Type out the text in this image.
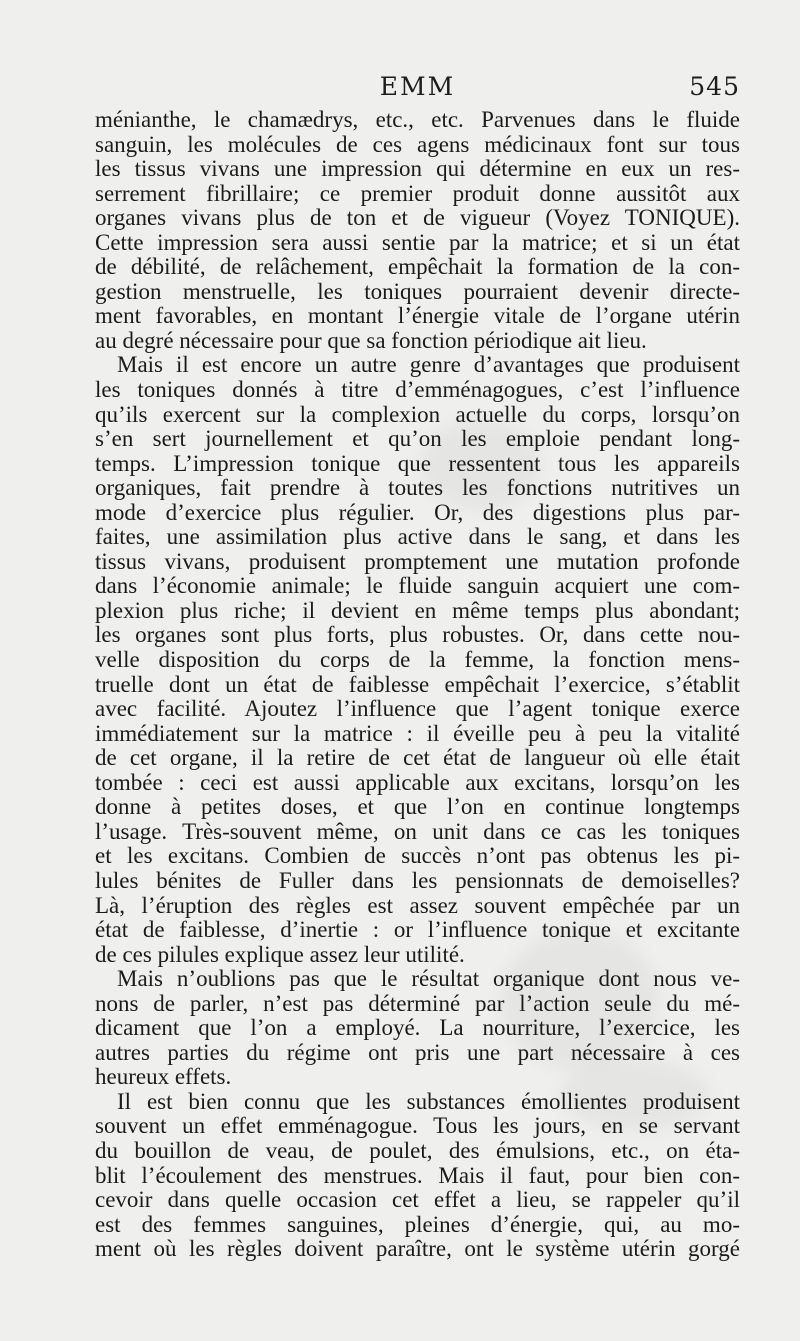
EMM	545
ménianthe, le chamædrys, etc., etc. Parvenues dans le fluide
sanguin, les molécules de ces agens médicinaux font sur tous
les tissus vivans une impression qui détermine en eux un res-
serrement fibrillaire; ce premier produit donne aussitôt aux
organes vivans plus de ton et de vigueur (Voyez TONIQUE).
Cette impression sera aussi sentie par la matrice; et si un état
de débilité, de relâchement, empêchait la formation de la con-
gestion menstruelle, les toniques pourraient devenir directe-
ment favorables, en montant l’énergie vitale de l’organe utérin
au degré nécessaire pour que sa fonction périodique ait lieu.
Mais il est encore un autre genre d’avantages que produisent
les toniques donnés à titre d’emménagogues, c’est l’influence
qu’ils exercent sur la complexion actuelle du corps, lorsqu’on
s’en sert journellement et qu’on les emploie pendant long-
temps. L’impression tonique que ressentent tous les appareils
organiques, fait prendre à toutes les fonctions nutritives un
mode d’exercice plus régulier. Or, des digestions plus par-
faites, une assimilation plus active dans le sang, et dans les
tissus vivans, produisent promptement une mutation profonde
dans l’économie animale; le fluide sanguin acquiert une com-
plexion plus riche; il devient en même temps plus abondant;
les organes sont plus forts, plus robustes. Or, dans cette nou-
velle disposition du corps de la femme, la fonction mens-
truelle dont un état de faiblesse empêchait l’exercice, s’établit
avec facilité. Ajoutez l’influence que l’agent tonique exerce
immédiatement sur la matrice : il éveille peu à peu la vitalité
de cet organe, il la retire de cet état de langueur où elle était
tombée : ceci est aussi applicable aux excitans, lorsqu’on les
donne à petites doses, et que l’on en continue longtemps
l’usage. Très-souvent même, on unit dans ce cas les toniques
et les excitans. Combien de succès n’ont pas obtenus les pi-
lules bénites de Fuller dans les pensionnats de demoiselles?
Là, l’éruption des règles est assez souvent empêchée par un
état de faiblesse, d’inertie : or l’influence tonique et excitante
de ces pilules explique assez leur utilité.
Mais n’oublions pas que le résultat organique dont nous ve-
nons de parler, n’est pas déterminé par l’action seule du mé-
dicament que l’on a employé. La nourriture, l’exercice, les
autres parties du régime ont pris une part nécessaire à ces
heureux effets.
Il est bien connu que les substances émollientes produisent
souvent un effet emménagogue. Tous les jours, en se servant
du bouillon de veau, de poulet, des émulsions, etc., on éta-
blit l’écoulement des menstrues. Mais il faut, pour bien con-
cevoir dans quelle occasion cet effet a lieu, se rappeler qu’il
est des femmes sanguines, pleines d’énergie, qui, au mo-
ment où les règles doivent paraître, ont le système utérin gorgé
